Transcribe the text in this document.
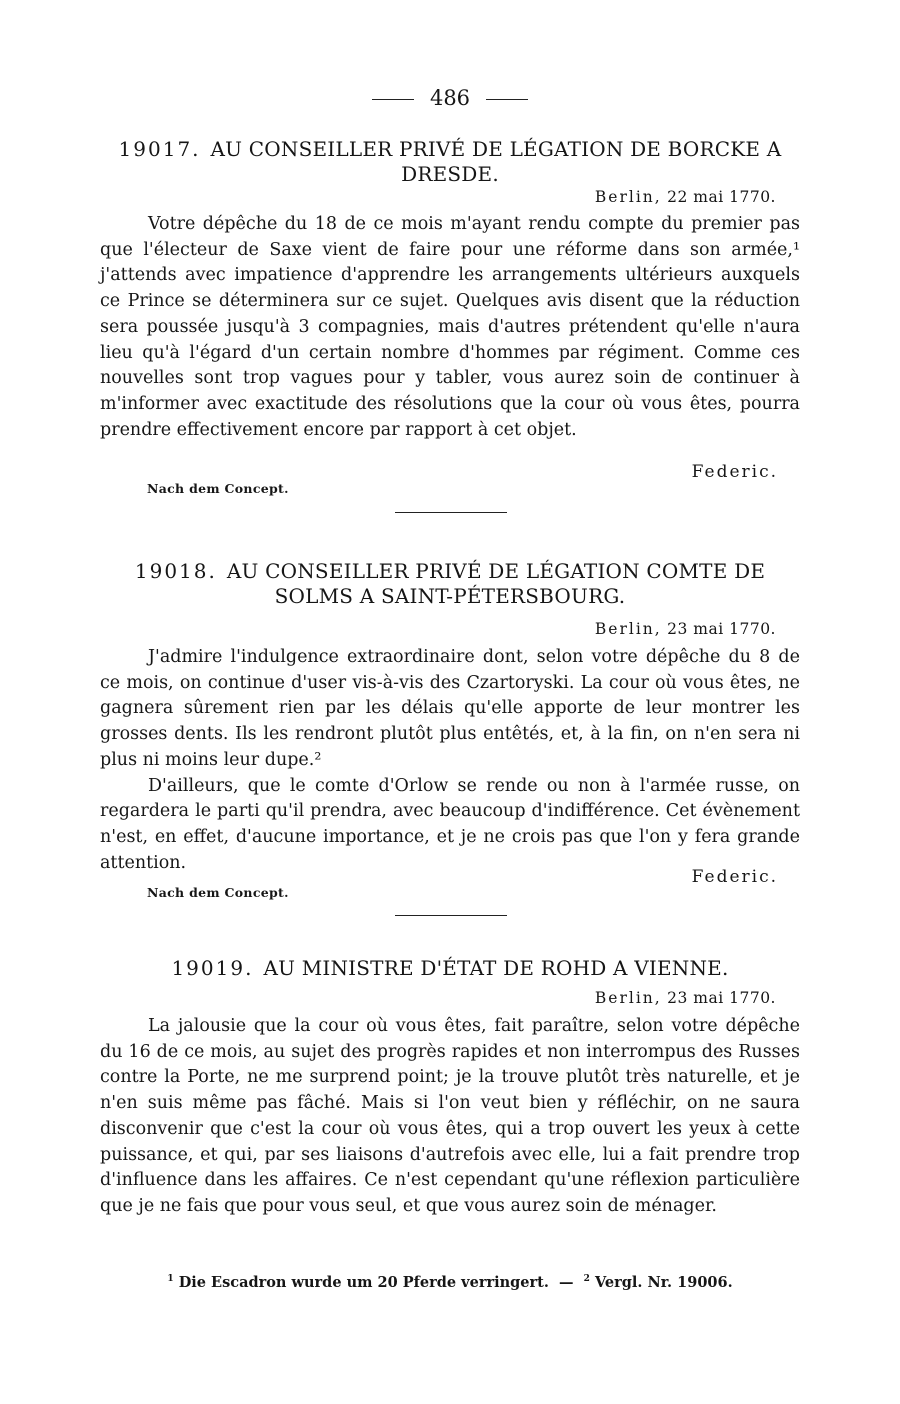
486
19017. AU CONSEILLER PRIVÉ DE LÉGATION DE BORCKE A DRESDE.
Berlin, 22 mai 1770.

Votre dépêche du 18 de ce mois m'ayant rendu compte du premier pas que l'électeur de Saxe vient de faire pour une réforme dans son armée,¹ j'attends avec impatience d'apprendre les arrangements ultérieurs auxquels ce Prince se déterminera sur ce sujet. Quelques avis disent que la réduction sera poussée jusqu'à 3 compagnies, mais d'autres prétendent qu'elle n'aura lieu qu'à l'égard d'un certain nombre d'hommes par régiment. Comme ces nouvelles sont trop vagues pour y tabler, vous aurez soin de continuer à m'informer avec exactitude des résolutions que la cour où vous êtes, pourra prendre effectivement encore par rapport à cet objet.

Federic.
Nach dem Concept.
19018. AU CONSEILLER PRIVÉ DE LÉGATION COMTE DE SOLMS A SAINT-PÉTERSBOURG.
Berlin, 23 mai 1770.

J'admire l'indulgence extraordinaire dont, selon votre dépêche du 8 de ce mois, on continue d'user vis-à-vis des Czartoryski. La cour où vous êtes, ne gagnera sûrement rien par les délais qu'elle apporte de leur montrer les grosses dents. Ils les rendront plutôt plus entêtés, et, à la fin, on n'en sera ni plus ni moins leur dupe.²

D'ailleurs, que le comte d'Orlow se rende ou non à l'armée russe, on regardera le parti qu'il prendra, avec beaucoup d'indifférence. Cet évènement n'est, en effet, d'aucune importance, et je ne crois pas que l'on y fera grande attention.

Federic.
Nach dem Concept.
19019. AU MINISTRE D'ÉTAT DE ROHD A VIENNE.
Berlin, 23 mai 1770.

La jalousie que la cour où vous êtes, fait paraître, selon votre dépêche du 16 de ce mois, au sujet des progrès rapides et non interrompus des Russes contre la Porte, ne me surprend point; je la trouve plutôt très naturelle, et je n'en suis même pas fâché. Mais si l'on veut bien y réfléchir, on ne saura disconvenir que c'est la cour où vous êtes, qui a trop ouvert les yeux à cette puissance, et qui, par ses liaisons d'autrefois avec elle, lui a fait prendre trop d'influence dans les affaires. Ce n'est cependant qu'une réflexion particulière que je ne fais que pour vous seul, et que vous aurez soin de ménager.

$^1$ Die Escadron wurde um 20 Pferde verringert. — $^2$ Vergl. Nr. 19006.
